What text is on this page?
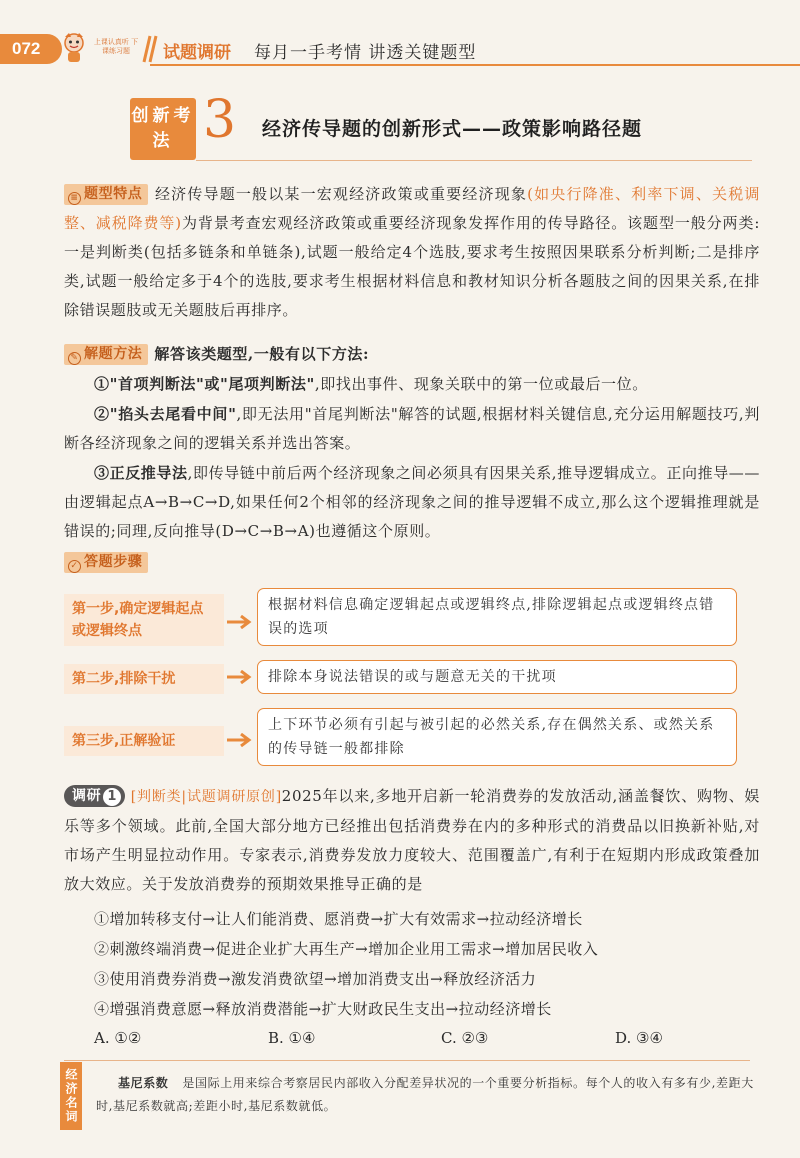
072	上课认真听 下课练习题	试题调研 每月一手考情 讲透关键题型
创新考法 3 经济传导题的创新形式——政策影响路径题
≡ 题型特点 经济传导题一般以某一宏观经济政策或重要经济现象(如央行降准、利率下调、关税调整、减税降费等)为背景考查宏观经济政策或重要经济现象发挥作用的传导路径。该题型一般分两类:一是判断类(包括多链条和单链条),试题一般给定4个选肢,要求考生按照因果联系分析判断;二是排序类,试题一般给定多于4个的选肢,要求考生根据材料信息和教材知识分析各题肢之间的因果关系,在排除错误题肢或无关题肢后再排序。
✎ 解题方法 解答该类题型,一般有以下方法:
①"首项判断法"或"尾项判断法",即找出事件、现象关联中的第一位或最后一位。
②"掐头去尾看中间",即无法用"首尾判断法"解答的试题,根据材料关键信息,充分运用解题技巧,判断各经济现象之间的逻辑关系并选出答案。
③正反推导法,即传导链中前后两个经济现象之间必须具有因果关系,推导逻辑成立。正向推导——由逻辑起点A→B→C→D,如果任何2个相邻的经济现象之间的推导逻辑不成立,那么这个逻辑推理就是错误的;同理,反向推导(D→C→B→A)也遵循这个原则。
✓ 答题步骤
第一步,确定逻辑起点或逻辑终点
根据材料信息确定逻辑起点或逻辑终点,排除逻辑起点或逻辑终点错误的选项
第二步,排除干扰	排除本身说法错误的或与题意无关的干扰项
第三步,正解验证
上下环节必须有引起与被引起的必然关系,存在偶然关系、或然关系的传导链一般都排除
调研 1 [判断类|试题调研原创]2025年以来,多地开启新一轮消费券的发放活动,涵盖餐饮、购物、娱乐等多个领域。此前,全国大部分地方已经推出包括消费券在内的多种形式的消费品以旧换新补贴,对市场产生明显拉动作用。专家表示,消费券发放力度较大、范围覆盖广,有利于在短期内形成政策叠加放大效应。关于发放消费券的预期效果推导正确的是
①增加转移支付→让人们能消费、愿消费→扩大有效需求→拉动经济增长
②刺激终端消费→促进企业扩大再生产→增加企业用工需求→增加居民收入
③使用消费券消费→激发消费欲望→增加消费支出→释放经济活力
④增强消费意愿→释放消费潜能→扩大财政民生支出→拉动经济增长
A. ①②	B. ①④	C. ②③	D. ③④
经济名词	基尼系数 是国际上用来综合考察居民内部收入分配差异状况的一个重要分析指标。每个人的收入有多有少,差距大时,基尼系数就高;差距小时,基尼系数就低。
